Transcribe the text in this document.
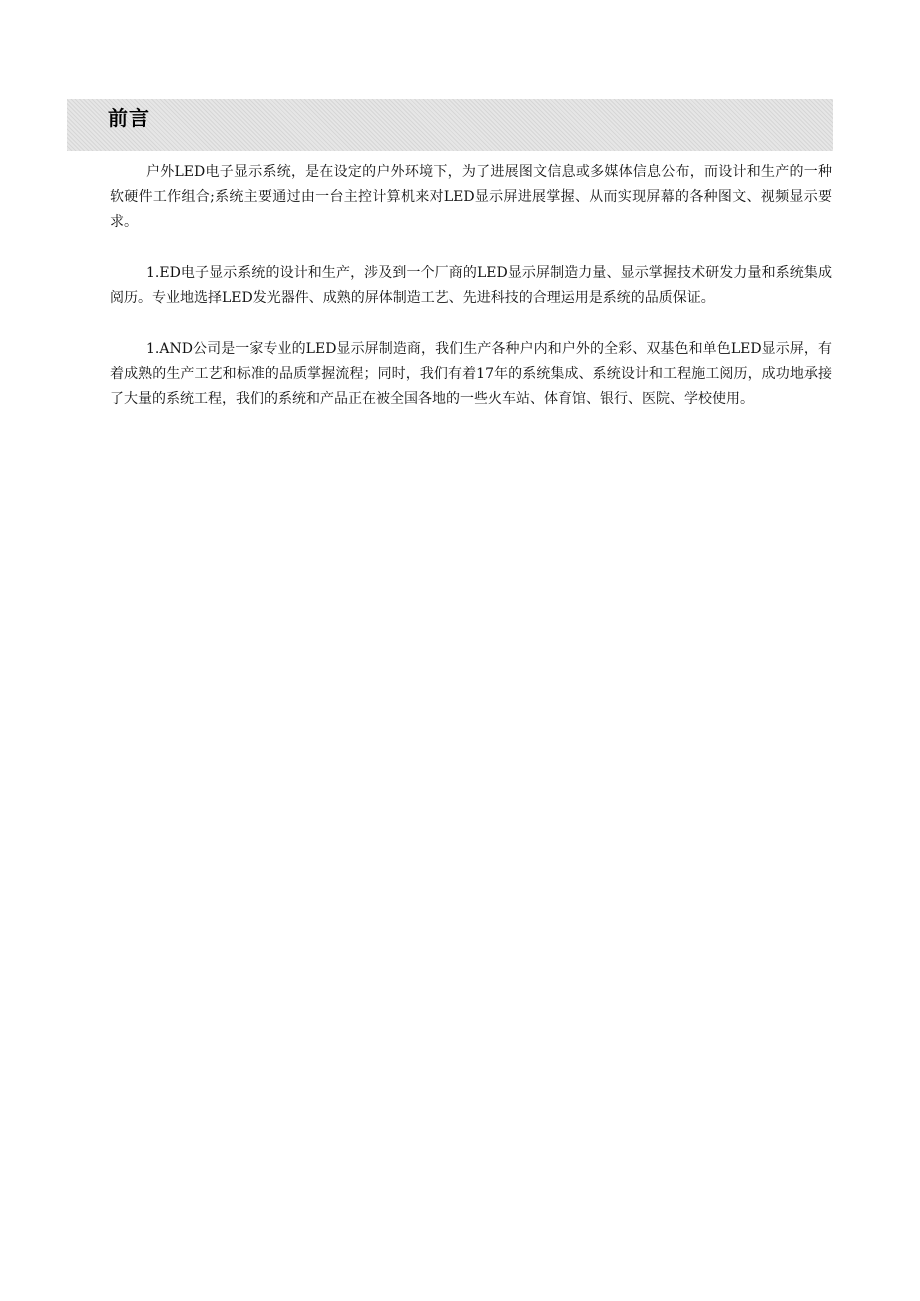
前言

户外LED电子显示系统，是在设定的户外环境下，为了进展图文信息或多媒体信息公布，而设计和生产的一种软硬件工作组合;系统主要通过由一台主控计算机来对LED显示屏进展掌握、从而实现屏幕的各种图文、视频显示要求。

1.ED电子显示系统的设计和生产，涉及到一个厂商的LED显示屏制造力量、显示掌握技术研发力量和系统集成阅历。专业地选择LED发光器件、成熟的屏体制造工艺、先进科技的合理运用是系统的品质保证。

1.AND公司是一家专业的LED显示屏制造商，我们生产各种户内和户外的全彩、双基色和单色LED显示屏，有着成熟的生产工艺和标准的品质掌握流程；同时，我们有着17年的系统集成、系统设计和工程施工阅历，成功地承接了大量的系统工程，我们的系统和产品正在被全国各地的一些火车站、体育馆、银行、医院、学校使用。
